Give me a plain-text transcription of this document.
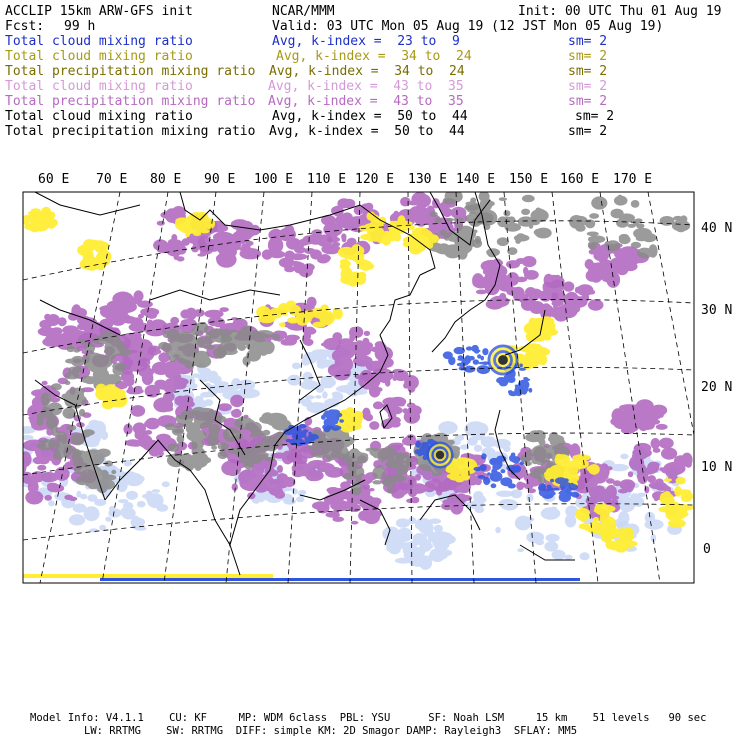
ACCLIP 15km ARW-GFS init	NCAR/MMM	Init: 00 UTC Thu 01 Aug 19
Fcst: 99 h	Valid: 03 UTC Mon 05 Aug 19 (12 JST Mon 05 Aug 19)
Total cloud mixing ratio	Avg, k-index =  23 to  9	sm= 2
Total cloud mixing ratio	Avg, k-index =  34 to  24	sm= 2
Total precipitation mixing ratio Avg, k-index =  34 to  24	sm= 2
Total cloud mixing ratio	Avg, k-index =  43 to  35	sm= 2
Total precipitation mixing ratio Avg, k-index =  43 to  35	sm= 2
Total cloud mixing ratio	Avg, k-index =  50 to  44	sm= 2
Total precipitation mixing ratio Avg, k-index =  50 to  44	sm= 2
60 E 70 E 80 E 90 E 100 E 110 E 120 E 130 E 140 E 150 E 160 E 170 E
40 N
30 N
20 N
10 N
0
Model Info: V4.1.1    CU: KF     MP: WDM 6class  PBL: YSU      SF: Noah LSM     15 km    51 levels   90 sec
LW: RRTMG    SW: RRTMG  DIFF: simple KM: 2D Smagor DAMP: Rayleigh3  SFLAY: MM5
